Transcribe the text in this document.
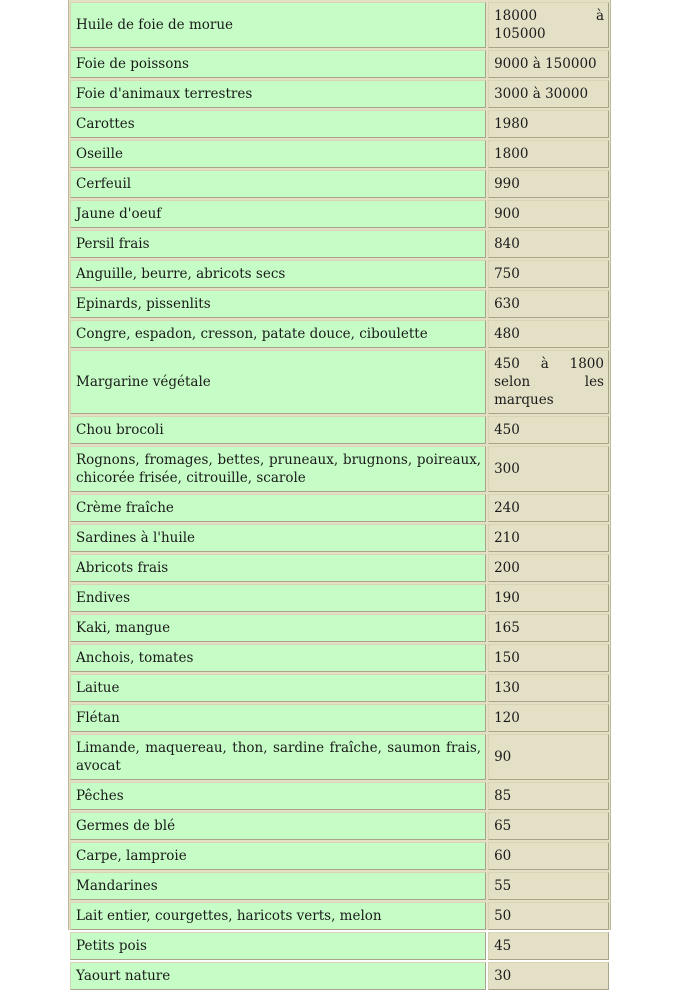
Huile de foie de morue	18000 à 105000
Foie de poissons	9000 à 150000
Foie d'animaux terrestres	3000 à 30000
Carottes	1980
Oseille	1800
Cerfeuil	990
Jaune d'oeuf	900
Persil frais	840
Anguille, beurre, abricots secs	750
Epinards, pissenlits	630
Congre, espadon, cresson, patate douce, ciboulette	480
Margarine végétale	450 à 1800 selon les marques
Chou brocoli	450
Rognons, fromages, bettes, pruneaux, brugnons, poireaux, chicorée frisée, citrouille, scarole	300
Crème fraîche	240
Sardines à l'huile	210
Abricots frais	200
Endives	190
Kaki, mangue	165
Anchois, tomates	150
Laitue	130
Flétan	120
Limande, maquereau, thon, sardine fraîche, saumon frais, avocat	90
Pêches	85
Germes de blé	65
Carpe, lamproie	60
Mandarines	55
Lait entier, courgettes, haricots verts, melon	50
Petits pois	45
Yaourt nature	30
